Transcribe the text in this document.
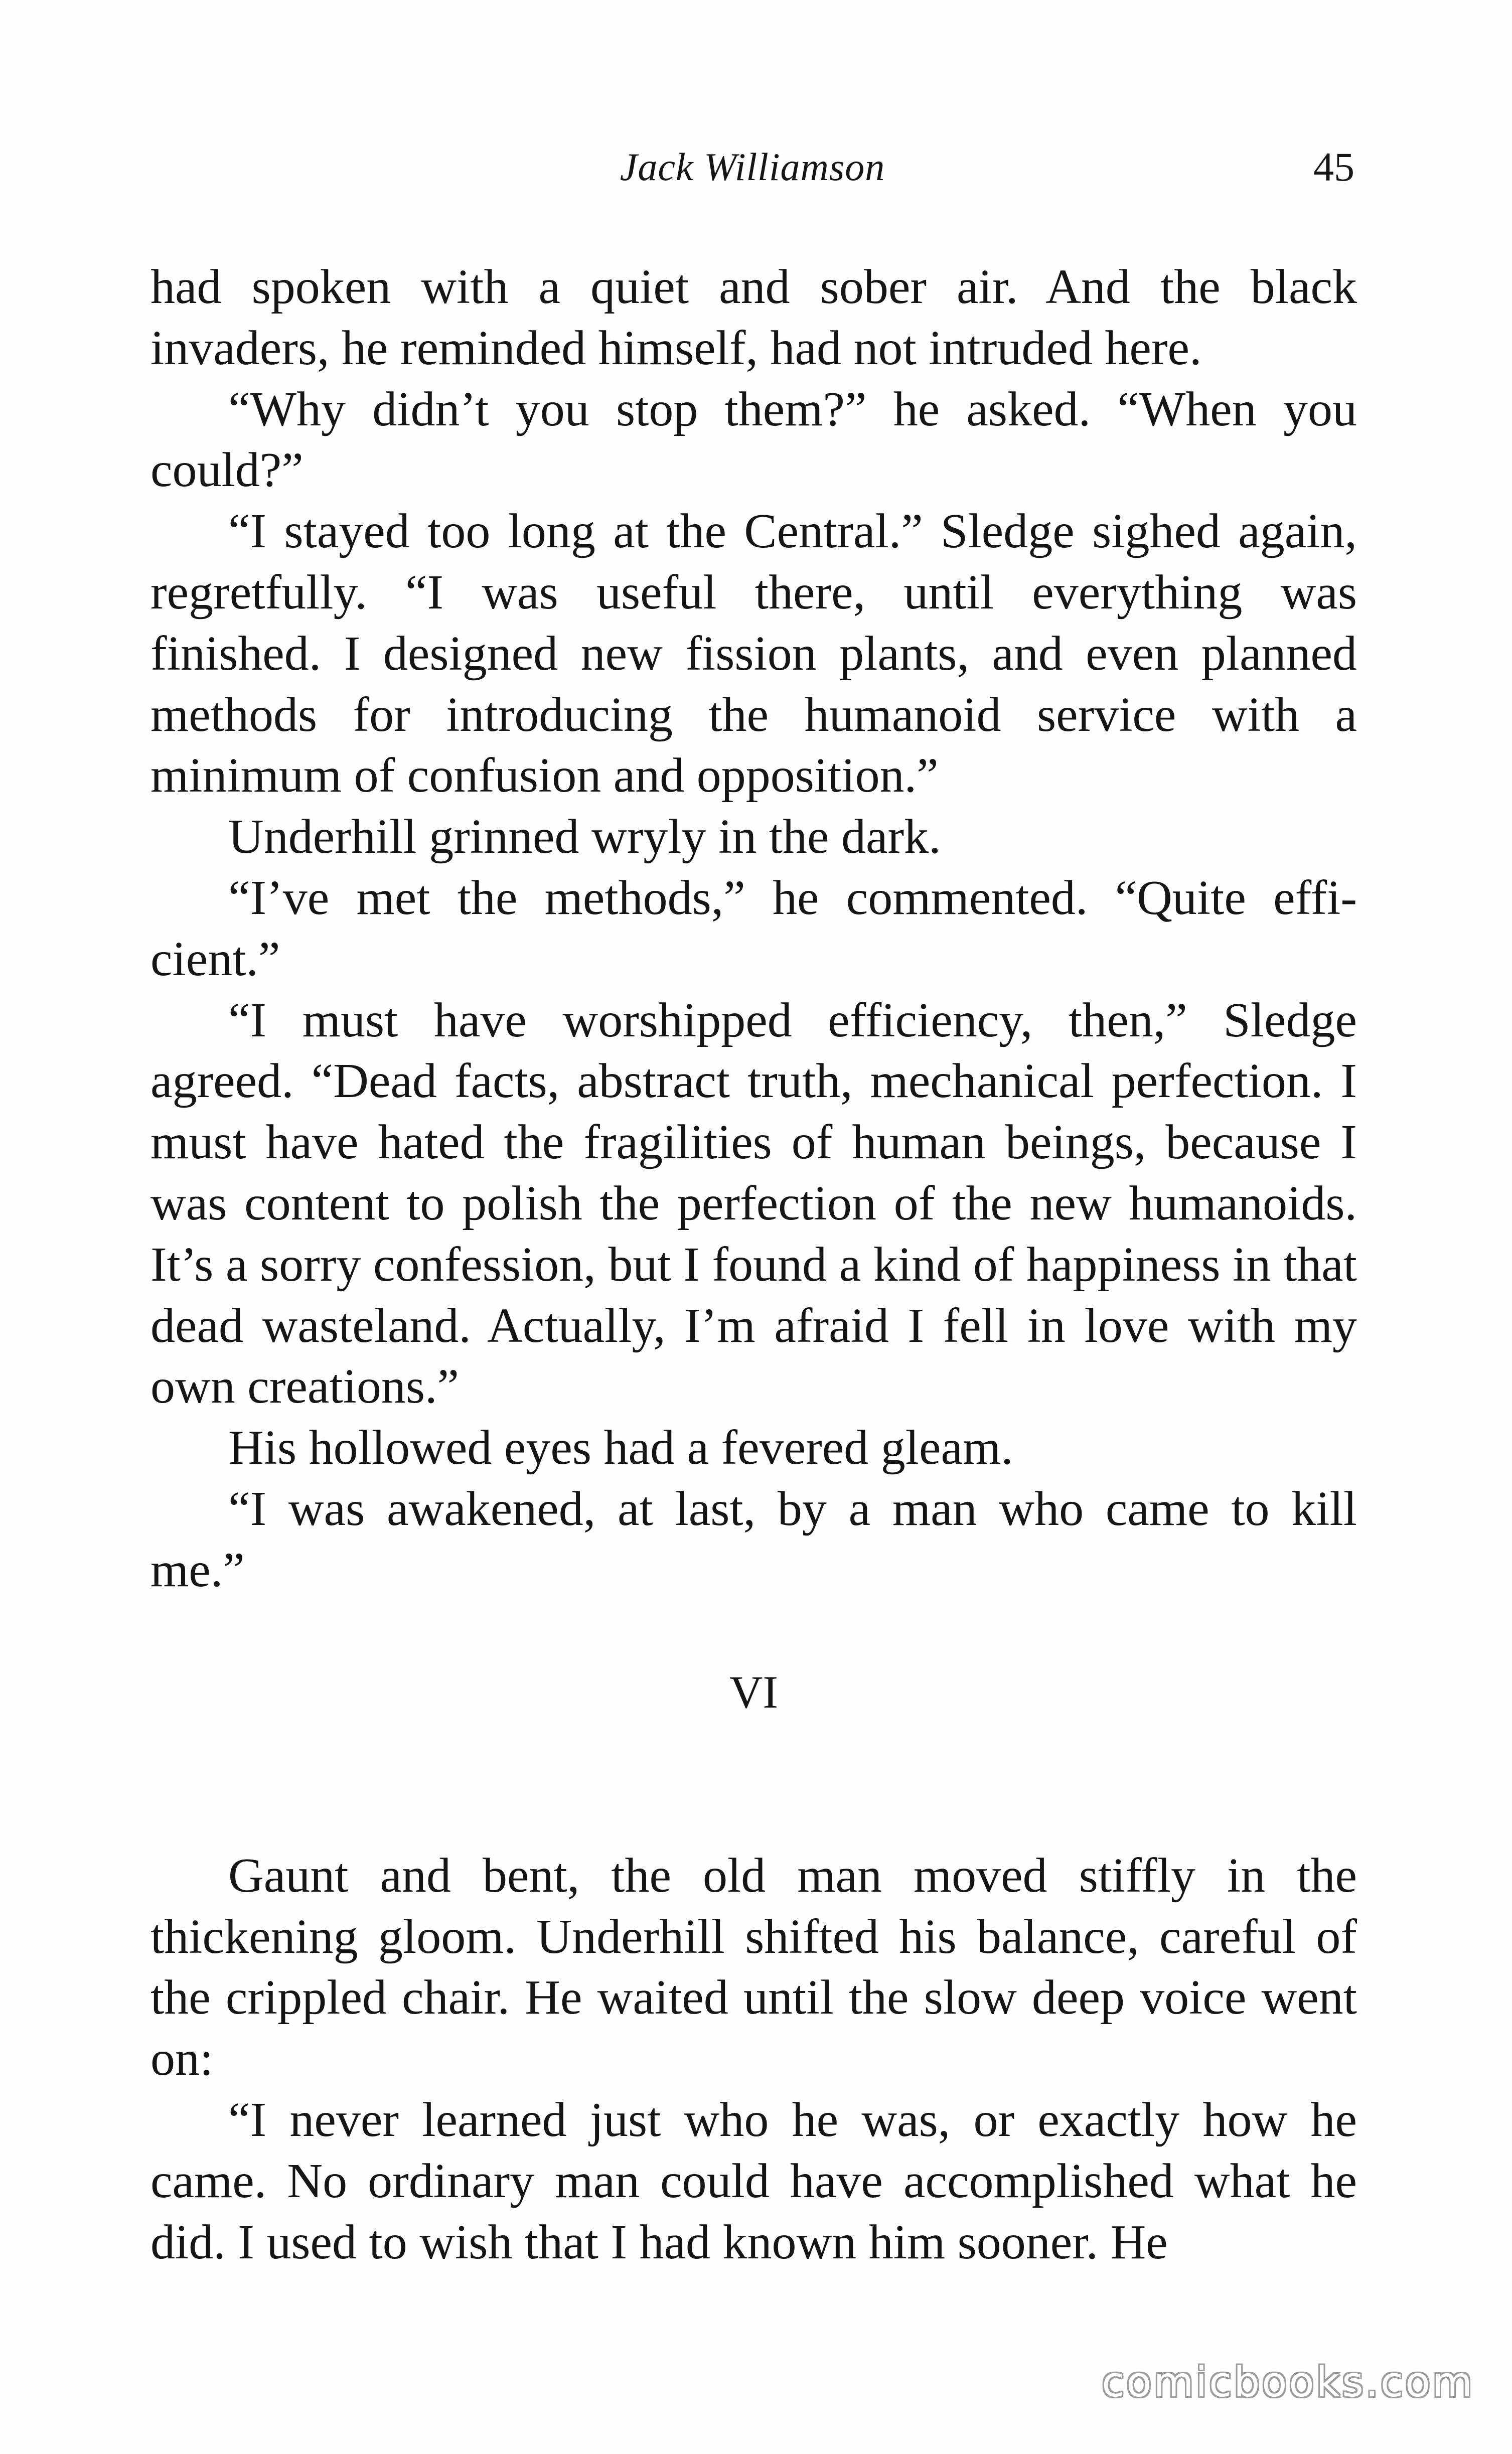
Jack Williamson	45

had spoken with a quiet and sober air. And the black invaders, he reminded himself, had not intruded here.

“Why didn’t you stop them?” he asked. “When you could?”

“I stayed too long at the Central.” Sledge sighed again, regretfully. “I was useful there, until everything was finished. I designed new fission plants, and even planned methods for introducing the humanoid service with a minimum of confusion and opposition.”

Underhill grinned wryly in the dark.

“I’ve met the methods,” he commented. “Quite efficient.”

“I must have worshipped efficiency, then,” Sledge agreed. “Dead facts, abstract truth, mechanical perfection. I must have hated the fragilities of human beings, because I was content to polish the perfection of the new humanoids. It’s a sorry confession, but I found a kind of happiness in that dead wasteland. Actually, I’m afraid I fell in love with my own creations.”

His hollowed eyes had a fevered gleam.

“I was awakened, at last, by a man who came to kill me.”

VI

Gaunt and bent, the old man moved stiffly in the thickening gloom. Underhill shifted his balance, careful of the crippled chair. He waited until the slow deep voice went on:

“I never learned just who he was, or exactly how he came. No ordinary man could have accomplished what he did. I used to wish that I had known him sooner. He

comicbooks.com
